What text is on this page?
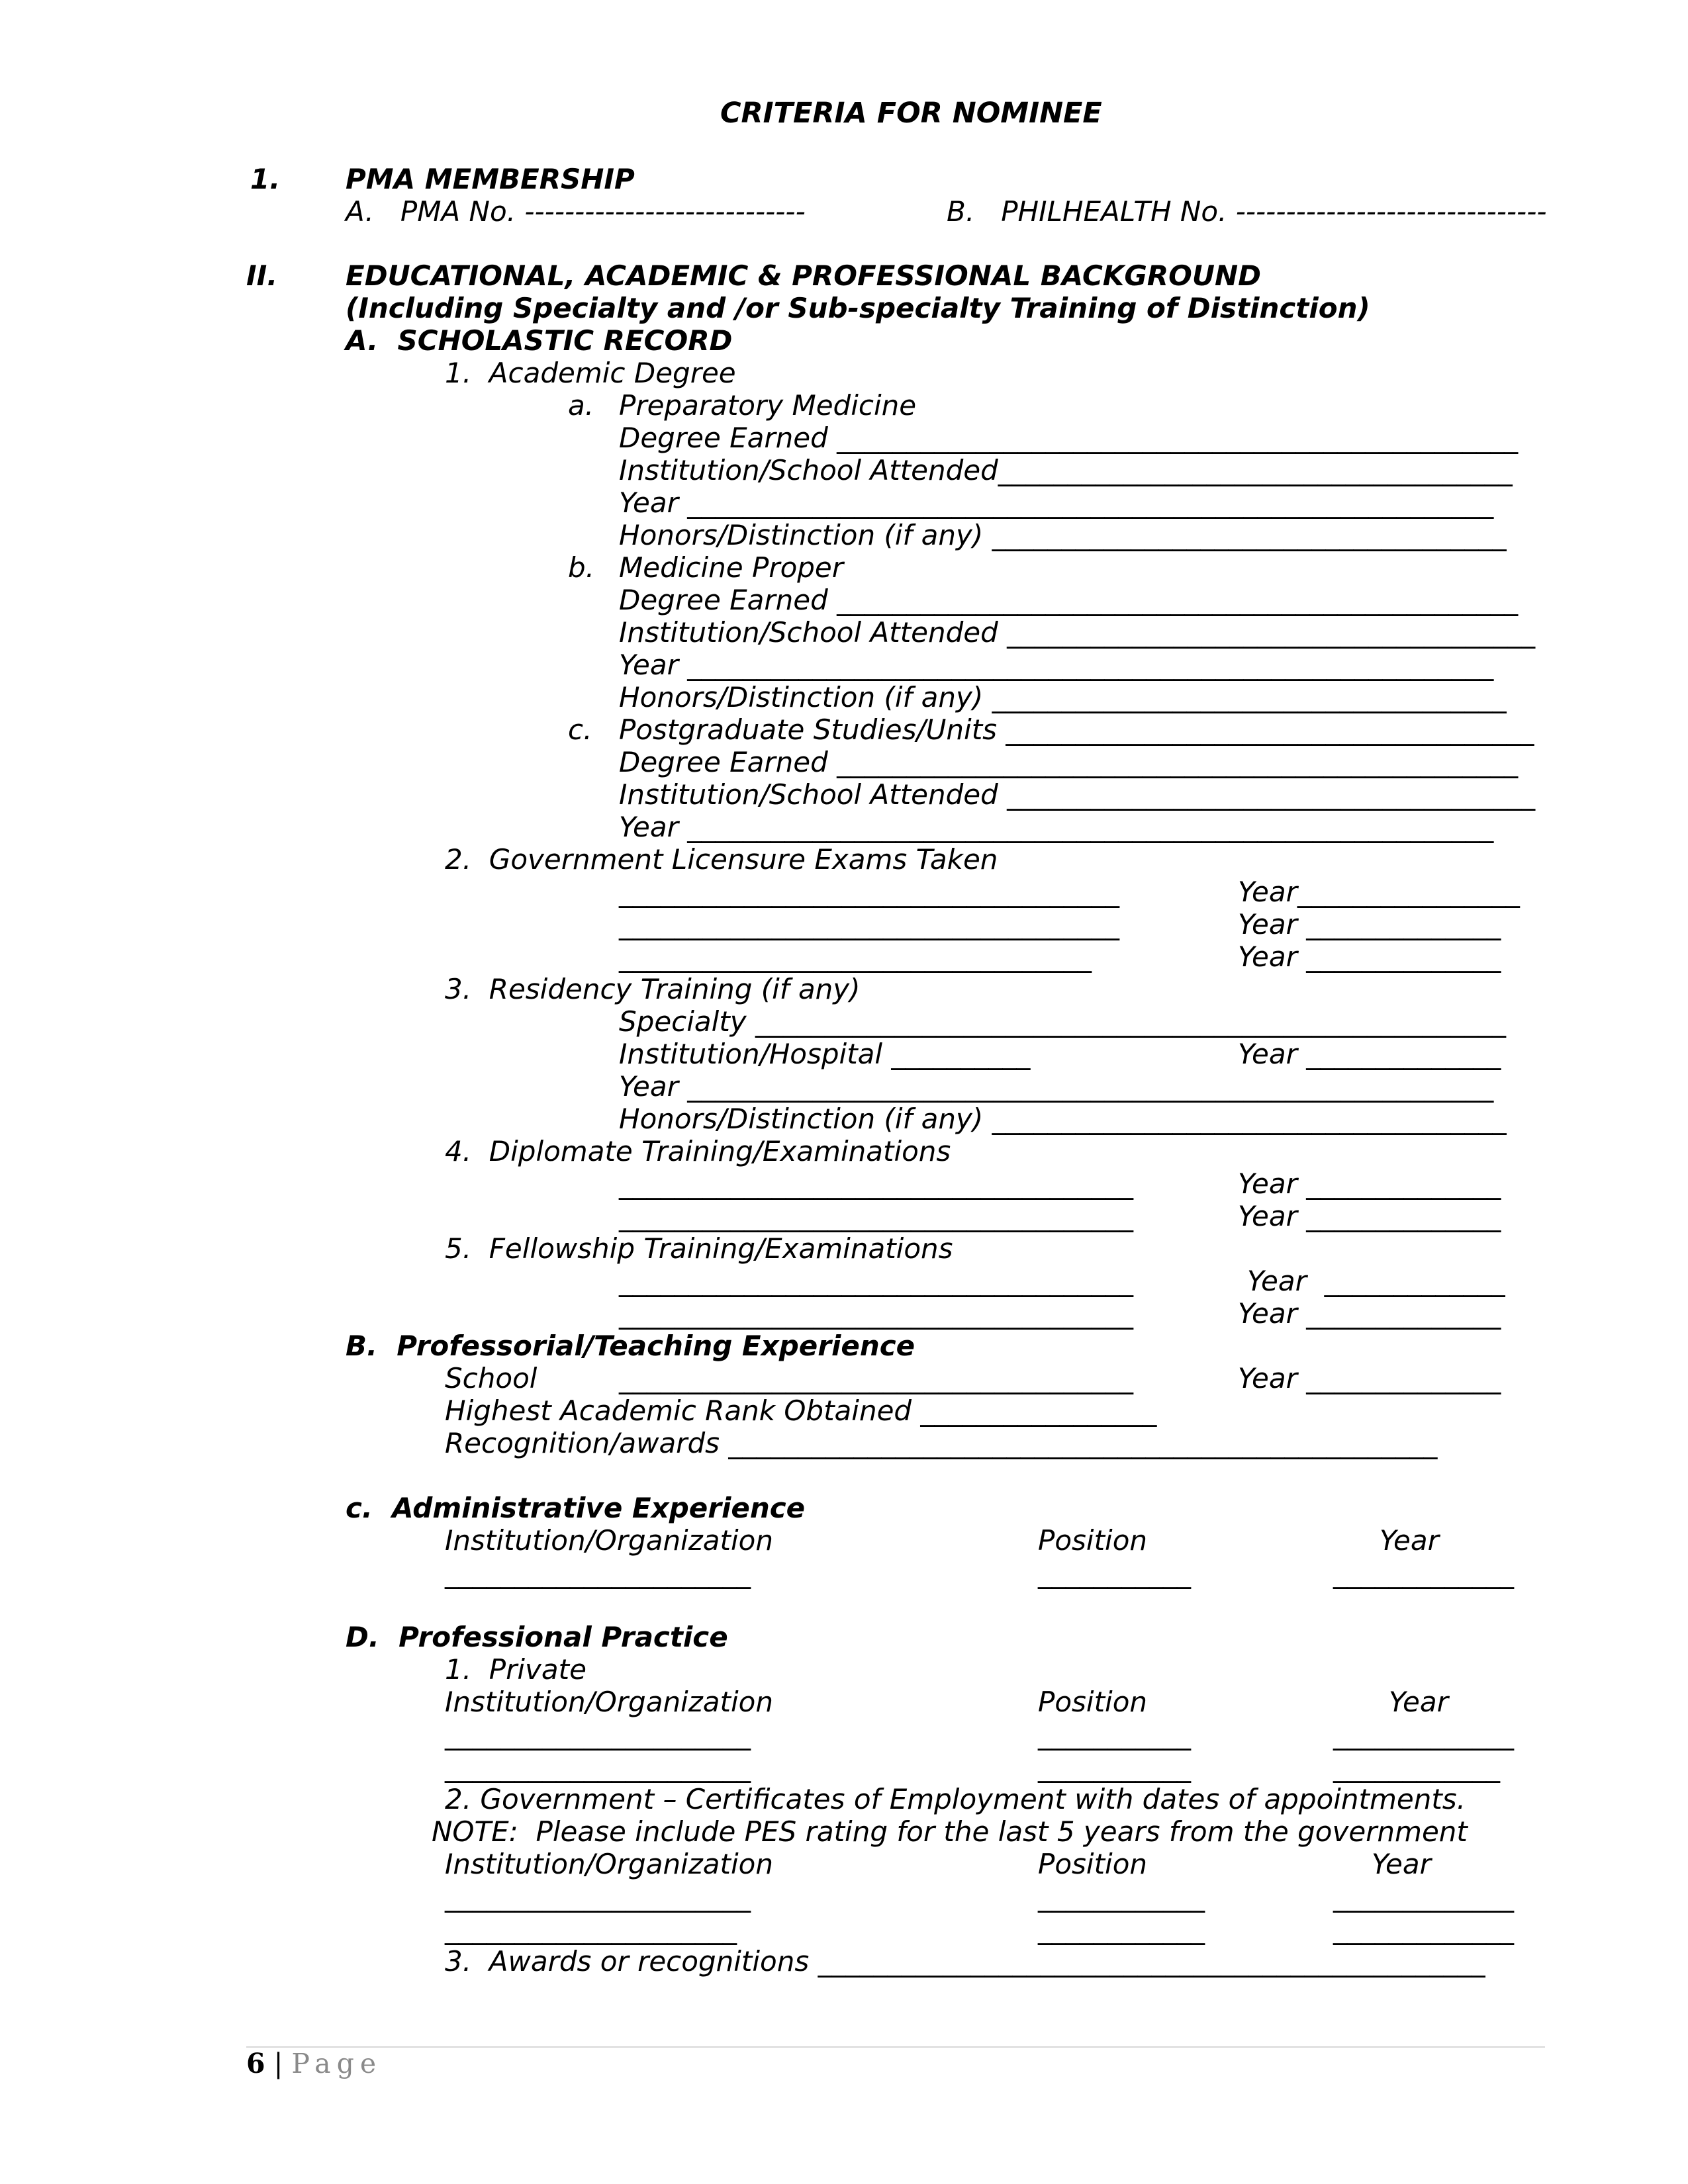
CRITERIA FOR NOMINEE
1. PMA MEMBERSHIP
A.   PMA No. ----------------------------	B.   PHILHEALTH No. -------------------------------
II. EDUCATIONAL, ACADEMIC & PROFESSIONAL BACKGROUND
(Including Specialty and /or Sub-specialty Training of Distinction)
A.  SCHOLASTIC RECORD
1.  Academic Degree
a. Preparatory Medicine
Degree Earned _________________________________________________
Institution/School Attended_____________________________________
Year __________________________________________________________
Honors/Distinction (if any) _____________________________________
b. Medicine Proper
Degree Earned _________________________________________________
Institution/School Attended ______________________________________
Year __________________________________________________________
Honors/Distinction (if any) _____________________________________
c. Postgraduate Studies/Units ______________________________________
Degree Earned _________________________________________________
Institution/School Attended ______________________________________
Year __________________________________________________________
2.  Government Licensure Exams Taken
____________________________________	Year________________
____________________________________	Year ______________
__________________________________	Year ______________
3.  Residency Training (if any)
Specialty ______________________________________________________
Institution/Hospital __________	Year ______________
Year __________________________________________________________
Honors/Distinction (if any) _____________________________________
4.  Diplomate Training/Examinations
_____________________________________	Year ______________
_____________________________________	Year ______________
5.  Fellowship Training/Examinations
_____________________________________	Year  _____________
_____________________________________	Year ______________
B.  Professorial/Teaching Experience
School	_____________________________________	Year ______________
Highest Academic Rank Obtained _________________
Recognition/awards ___________________________________________________
c.  Administrative Experience
Institution/Organization	Position	Year
______________________	___________	_____________
D.  Professional Practice
1.  Private
Institution/Organization	Position	Year
______________________	___________	_____________
______________________	___________	____________
2. Government – Certificates of Employment with dates of appointments.
NOTE:  Please include PES rating for the last 5 years from the government
Institution/Organization	Position	Year
______________________	____________	_____________
_____________________	____________	_____________
3.  Awards or recognitions ________________________________________________
6 | Page
